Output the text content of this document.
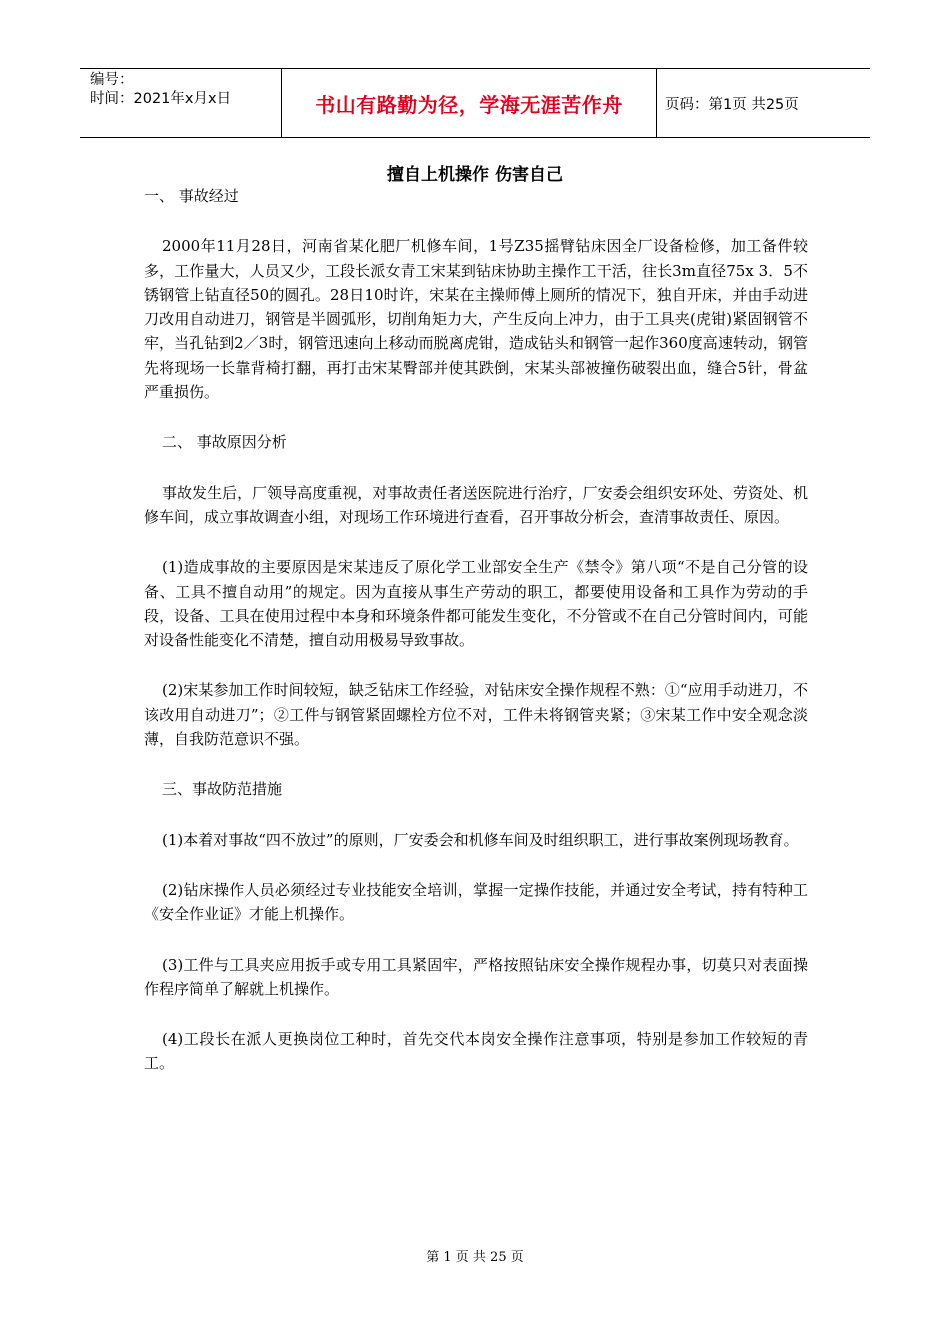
编号：
时间：2021年x月x日	书山有路勤为径，学海无涯苦作舟	页码：第1页 共25页
擅自上机操作 伤害自己

一、 事故经过

2000年11月28日，河南省某化肥厂机修车间，1号Z35摇臂钻床因全厂设备检修，加工备件较多，工作量大，人员又少，工段长派女青工宋某到钻床协助主操作工干活，往长3m直径75x 3．5不锈钢管上钻直径50的圆孔。28日10时许，宋某在主操师傅上厕所的情况下，独自开床，并由手动进刀改用自动进刀，钢管是半圆弧形，切削角矩力大，产生反向上冲力，由于工具夹(虎钳)紧固钢管不牢，当孔钻到2／3时，钢管迅速向上移动而脱离虎钳，造成钻头和钢管一起作360度高速转动，钢管先将现场一长靠背椅打翻，再打击宋某臀部并使其跌倒，宋某头部被撞伤破裂出血，缝合5针，骨盆严重损伤。

二、 事故原因分析

事故发生后，厂领导高度重视，对事故责任者送医院进行治疗，厂安委会组织安环处、劳资处、机修车间，成立事故调查小组，对现场工作环境进行查看，召开事故分析会，查清事故责任、原因。

(1)造成事故的主要原因是宋某违反了原化学工业部安全生产《禁令》第八项“不是自己分管的设备、工具不擅自动用”的规定。因为直接从事生产劳动的职工，都要使用设备和工具作为劳动的手段，设备、工具在使用过程中本身和环境条件都可能发生变化，不分管或不在自己分管时间内，可能对设备性能变化不清楚，擅自动用极易导致事故。

(2)宋某参加工作时间较短，缺乏钻床工作经验，对钻床安全操作规程不熟：①“应用手动进刀，不该改用自动进刀”；②工件与钢管紧固螺栓方位不对，工件未将钢管夹紧；③宋某工作中安全观念淡薄，自我防范意识不强。

三、事故防范措施

(1)本着对事故“四不放过”的原则，厂安委会和机修车间及时组织职工，进行事故案例现场教育。

(2)钻床操作人员必须经过专业技能安全培训，掌握一定操作技能，并通过安全考试，持有特种工《安全作业证》才能上机操作。

(3)工件与工具夹应用扳手或专用工具紧固牢，严格按照钻床安全操作规程办事，切莫只对表面操作程序简单了解就上机操作。

(4)工段长在派人更换岗位工种时，首先交代本岗安全操作注意事项，特别是参加工作较短的青工。

第 1 页 共 25 页
